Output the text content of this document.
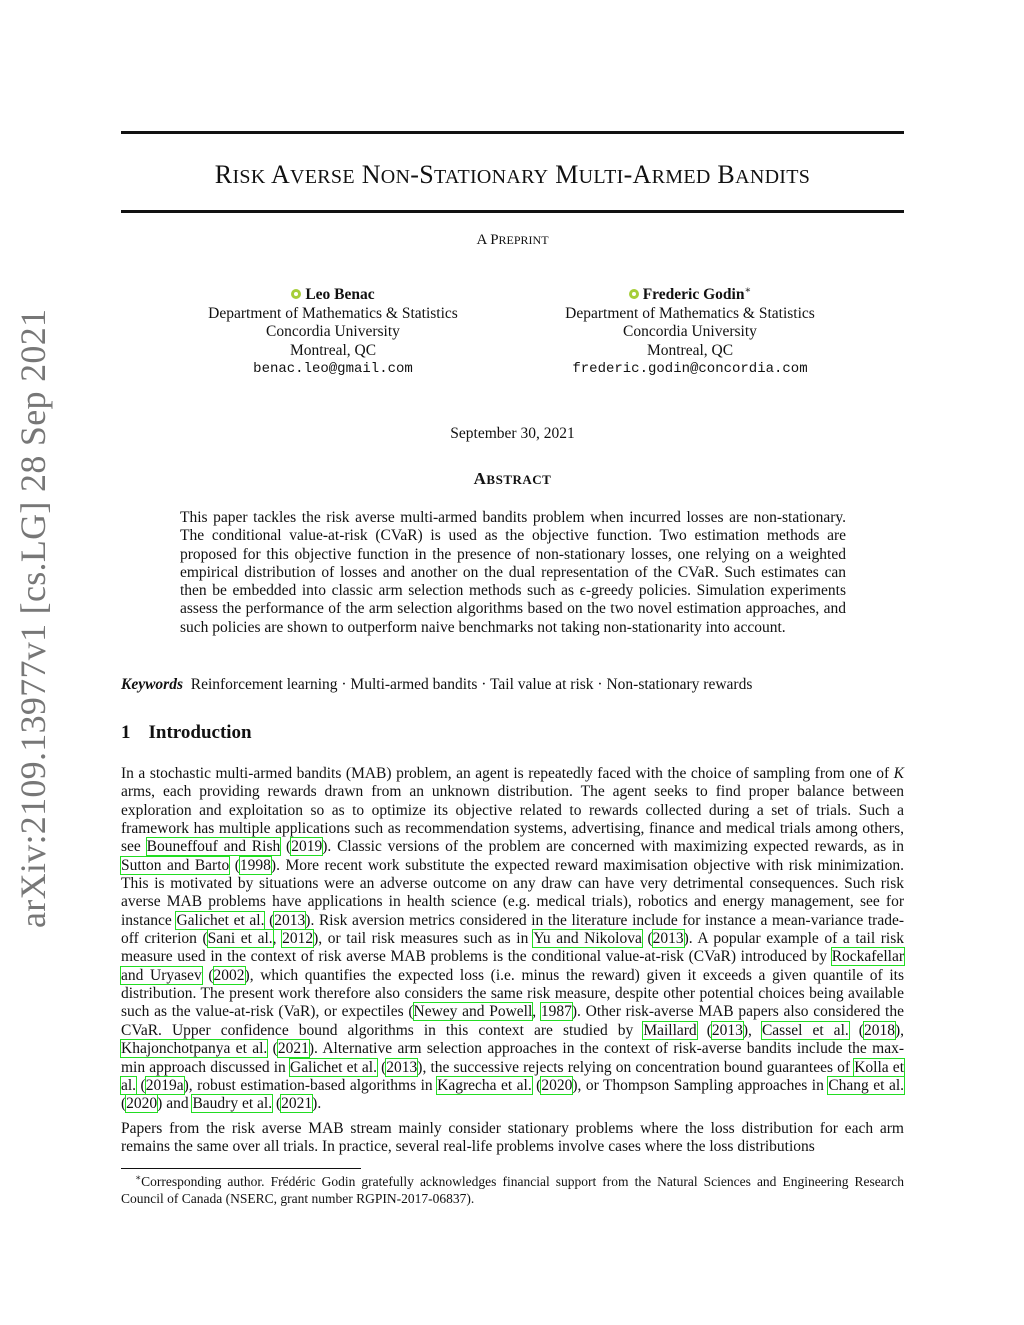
arXiv:2109.13977v1 [cs.LG] 28 Sep 2021
RISK AVERSE NON-STATIONARY MULTI-ARMED BANDITS
A PREPRINT
Leo Benac
Department of Mathematics & Statistics
Concordia University
Montreal, QC
benac.leo@gmail.com
Frederic Godin∗
Department of Mathematics & Statistics
Concordia University
Montreal, QC
frederic.godin@concordia.com
September 30, 2021
ABSTRACT
This paper tackles the risk averse multi-armed bandits problem when incurred losses are non-stationary. The conditional value-at-risk (CVaR) is used as the objective function. Two estimation methods are proposed for this objective function in the presence of non-stationary losses, one relying on a weighted empirical distribution of losses and another on the dual representation of the CVaR. Such estimates can then be embedded into classic arm selection methods such as ϵ-greedy policies. Simulation experiments assess the performance of the arm selection algorithms based on the two novel estimation approaches, and such policies are shown to outperform naive benchmarks not taking non-stationarity into account.
Keywords Reinforcement learning · Multi-armed bandits · Tail value at risk · Non-stationary rewards
1 Introduction

In a stochastic multi-armed bandits (MAB) problem, an agent is repeatedly faced with the choice of sampling from one of K arms, each providing rewards drawn from an unknown distribution. The agent seeks to find proper balance between exploration and exploitation so as to optimize its objective related to rewards collected during a set of trials. Such a framework has multiple applications such as recommendation systems, advertising, finance and medical trials among others, see Bouneffouf and Rish (2019). Classic versions of the problem are concerned with maximizing expected rewards, as in Sutton and Barto (1998). More recent work substitute the expected reward maximisation objective with risk minimization. This is motivated by situations were an adverse outcome on any draw can have very detrimental consequences. Such risk averse MAB problems have applications in health science (e.g. medical trials), robotics and energy management, see for instance Galichet et al. (2013). Risk aversion metrics considered in the literature include for instance a mean-variance trade-off criterion (Sani et al., 2012), or tail risk measures such as in Yu and Nikolova (2013). A popular example of a tail risk measure used in the context of risk averse MAB problems is the conditional value-at-risk (CVaR) introduced by Rockafellar and Uryasev (2002), which quantifies the expected loss (i.e. minus the reward) given it exceeds a given quantile of its distribution. The present work therefore also considers the same risk measure, despite other potential choices being available such as the value-at-risk (VaR), or expectiles (Newey and Powell, 1987). Other risk-averse MAB papers also considered the CVaR. Upper confidence bound algorithms in this context are studied by Maillard (2013), Cassel et al. (2018), Khajonchotpanya et al. (2021). Alternative arm selection approaches in the context of risk-averse bandits include the max-min approach discussed in Galichet et al. (2013), the successive rejects relying on concentration bound guarantees of Kolla et al. (2019a), robust estimation-based algorithms in Kagrecha et al. (2020), or Thompson Sampling approaches in Chang et al. (2020) and Baudry et al. (2021).

Papers from the risk averse MAB stream mainly consider stationary problems where the loss distribution for each arm remains the same over all trials. In practice, several real-life problems involve cases where the loss distributions
∗Corresponding author. Frédéric Godin gratefully acknowledges financial support from the Natural Sciences and Engineering Research Council of Canada (NSERC, grant number RGPIN-2017-06837).
